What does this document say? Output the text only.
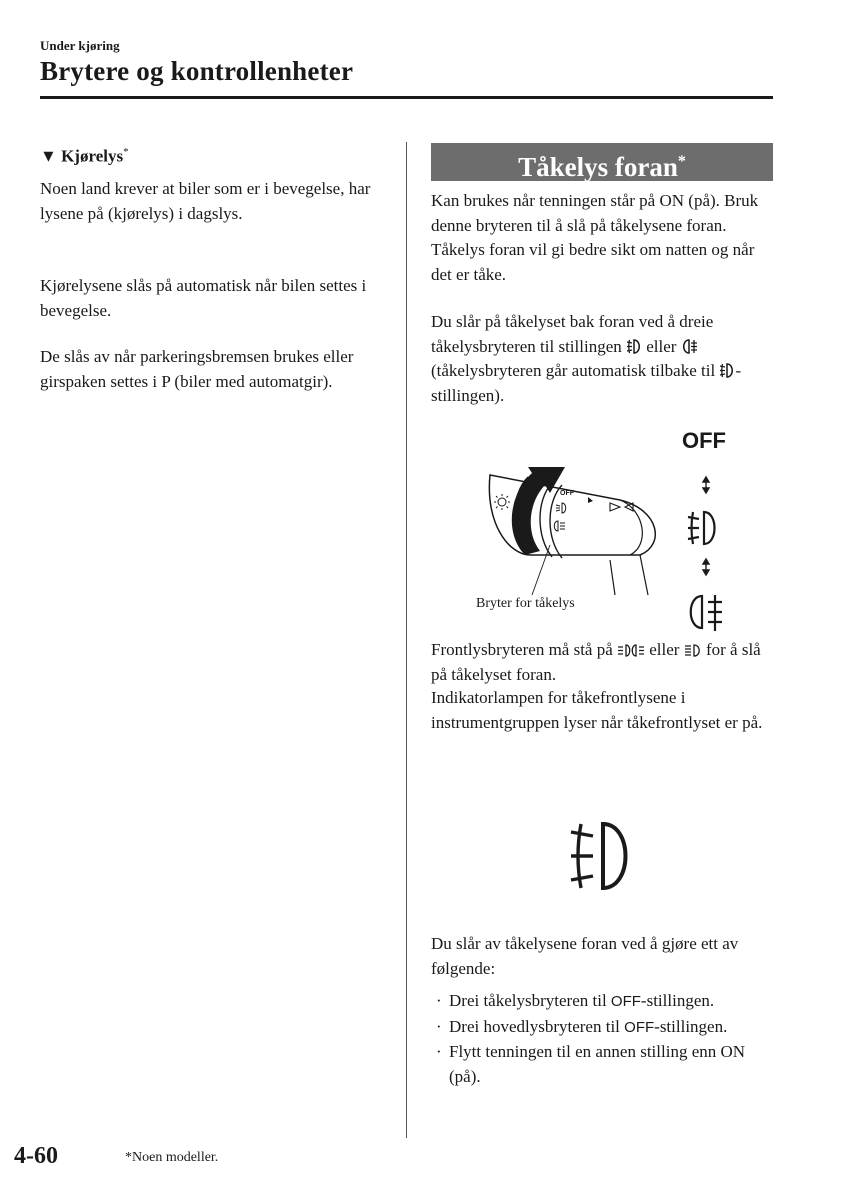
Under kjøring
Brytere og kontrollenheter
▼ Kjørelys*
Noen land krever at biler som er i bevegelse, har lysene på (kjørelys) i dagslys.
Kjørelysene slås på automatisk når bilen settes i bevegelse.
De slås av når parkeringsbremsen brukes eller girspaken settes i P (biler med automatgir).
Tåkelys foran*
Kan brukes når tenningen står på ON (på). Bruk denne bryteren til å slå på tåkelysene foran. Tåkelys foran vil gi bedre sikt om natten og når det er tåke.
Du slår på tåkelyset bak foran ved å dreie tåkelysbryteren til stillingen eller  (tåkelysbryteren går automatisk tilbake til -stillingen).
OFF
OFF
AUTO
O
Bryter for tåkelys
Frontlysbryteren må stå på eller for å slå på tåkelyset foran.
Indikatorlampen for tåkefrontlysene i instrumentgruppen lyser når tåkefrontlyset er på.
Du slår av tåkelysene foran ved å gjøre ett av følgende:
· Drei tåkelysbryteren til OFF-stillingen.
· Drei hovedlysbryteren til OFF-stillingen.
· Flytt tenningen til en annen stilling enn ON (på).
4-60	*Noen modeller.
